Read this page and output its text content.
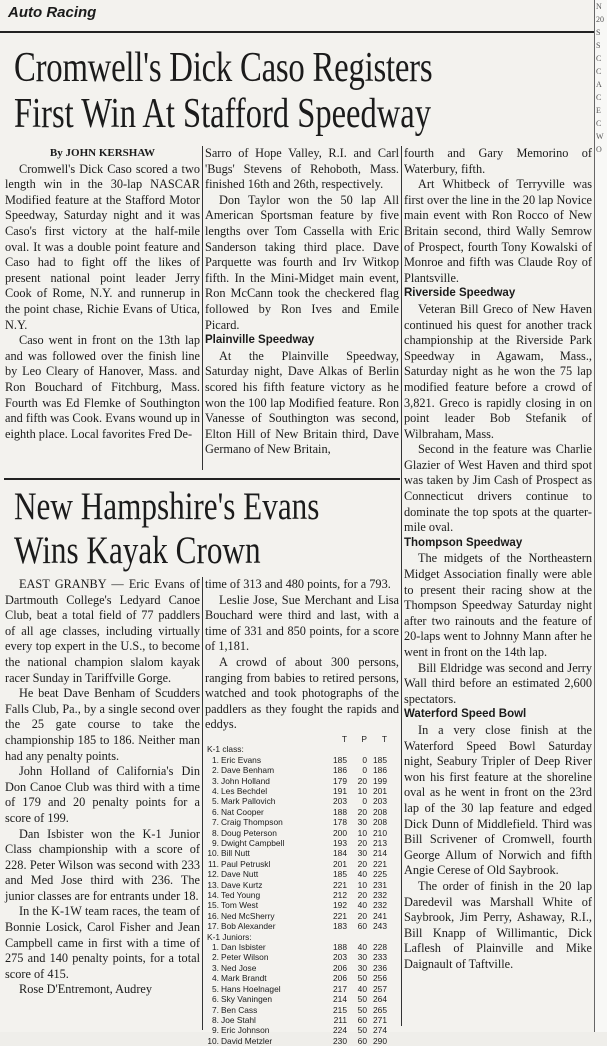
Auto Racing
Cromwell's Dick Caso Registers
First Win At Stafford Speedway

By JOHN KERSHAW

Cromwell's Dick Caso scored a two length win in the 30-lap NASCAR Modified feature at the Stafford Motor Speedway, Saturday night and it was Caso's first victory at the half-mile oval. It was a double point feature and Caso had to fight off the likes of present national point leader Jerry Cook of Rome, N.Y. and runnerup in the point chase, Richie Evans of Utica, N.Y.

Caso went in front on the 13th lap and was followed over the finish line by Leo Cleary of Hanover, Mass. and Ron Bouchard of Fitchburg, Mass. Fourth was Ed Flemke of Southington and fifth was Cook. Evans wound up in eighth place. Local favorites Fred De-

Sarro of Hope Valley, R.I. and Carl 'Bugs' Stevens of Rehoboth, Mass. finished 16th and 26th, respectively.

Don Taylor won the 50 lap All American Sportsman feature by five lengths over Tom Cassella with Eric Sanderson taking third place. Dave Parquette was fourth and Irv Witkop fifth. In the Mini-Midget main event, Ron McCann took the checkered flag followed by Ron Ives and Emile Picard.

Plainville Speedway

At the Plainville Speedway, Saturday night, Dave Alkas of Berlin scored his fifth feature victory as he won the 100 lap Modified feature. Ron Vanesse of Southington was second, Elton Hill of New Britain third, Dave Germano of New Britain,

fourth and Gary Memorino of Waterbury, fifth.

Art Whitbeck of Terryville was first over the line in the 20 lap Novice main event with Ron Rocco of New Britain second, third Wally Semrow of Prospect, fourth Tony Kowalski of Monroe and fifth was Claude Roy of Plantsville.

Riverside Speedway

Veteran Bill Greco of New Haven continued his quest for another track championship at the Riverside Park Speedway in Agawam, Mass., Saturday night as he won the 75 lap modified feature before a crowd of 3,821. Greco is rapidly closing in on point leader Bob Stefanik of Wilbraham, Mass.

Second in the feature was Charlie Glazier of West Haven and third spot was taken by Jim Cash of Prospect as Connecticut drivers continue to dominate the top spots at the quarter-mile oval.

Thompson Speedway

The midgets of the Northeastern Midget Association finally were able to present their racing show at the Thompson Speedway Saturday night after two rainouts and the feature of 20-laps went to Johnny Mann after he went in front on the 14th lap.

Bill Eldridge was second and Jerry Wall third before an estimated 2,600 spectators.

Waterford Speed Bowl

In a very close finish at the Waterford Speed Bowl Saturday night, Seabury Tripler of Deep River won his first feature at the shoreline oval as he went in front on the 23rd lap of the 30 lap feature and edged Dick Dunn of Middlefield. Third was Bill Scrivener of Cromwell, fourth George Allum of Norwich and fifth Angie Cerese of Old Saybrook.

The order of finish in the 20 lap Daredevil was Marshall White of Saybrook, Jim Perry, Ashaway, R.I., Bill Knapp of Willimantic, Dick Laflesh of Plainville and Mike Daignault of Taftville.

New Hampshire's Evans
Wins Kayak Crown

EAST GRANBY — Eric Evans of Dartmouth College's Ledyard Canoe Club, beat a total field of 77 paddlers of all age classes, including virtually every top expert in the U.S., to become the national champion slalom kayak racer Sunday in Tariffville Gorge.

He beat Dave Benham of Scudders Falls Club, Pa., by a single second over the 25 gate course to take the championship 185 to 186. Neither man had any penalty points.

John Holland of California's Din Don Canoe Club was third with a time of 179 and 20 penalty points for a score of 199.

Dan Isbister won the K-1 Junior Class championship with a score of 228. Peter Wilson was second with 233 and Med Jose third with 236. The junior classes are for entrants under 18.

In the K-1W team races, the team of Bonnie Losick, Carol Fisher and Jean Campbell came in first with a time of 275 and 140 penalty points, for a total score of 415.

Rose D'Entremont, Audrey

time of 313 and 480 points, for a 793.

Leslie Jose, Sue Merchant and Lisa Bouchard were third and last, with a time of 331 and 850 points, for a score of 1,181.

A crowd of about 300 persons, ranging from babies to retired persons, watched and took photographs of the paddlers as they fought the rapids and eddys.

		T	P	T
K-1 class:				
1.	Eric Evans	185	0	185
2.	Dave Benham	186	0	186
3.	John Holland	179	20	199
4.	Les Bechdel	191	10	201
5.	Mark Pallovich	203	0	203
6.	Nat Cooper	188	20	208
7.	Craig Thompson	178	30	208
8.	Doug Peterson	200	10	210
9.	Dwight Campbell	193	20	213
10.	Bill Nutt	184	30	214
11.	Paul Petruskl	201	20	221
12.	Dave Nutt	185	40	225
13.	Dave Kurtz	221	10	231
14.	Ted Young	212	20	232
15.	Tom West	192	40	232
16.	Ned McSherry	221	20	241
17.	Bob Alexander	183	60	243
K-1 Juniors:				
1.	Dan Isbister	188	40	228
2.	Peter Wilson	203	30	233
3.	Ned Jose	206	30	236
4.	Mark Brandt	206	50	256
5.	Hans Hoelnagel	217	40	257
6.	Sky Vaningen	214	50	264
7.	Ben Cass	215	50	265
8.	Joe Stahl	211	60	271
9.	Eric Johnson	224	50	274
10.	David Metzler	230	60	290
N
20
S
S
C
C
A
C
E
C
W
O
